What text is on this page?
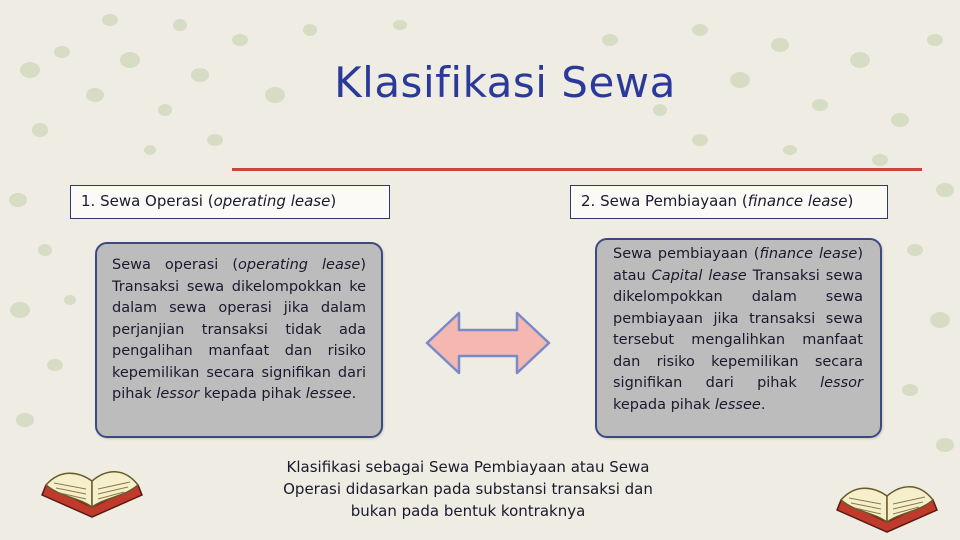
Klasifikasi Sewa
1. Sewa Operasi (operating lease)	2. Sewa Pembiayaan (finance lease)
Sewa operasi (operating lease) Transaksi sewa dikelompokkan ke dalam sewa operasi jika dalam perjanjian transaksi tidak ada pengalihan manfaat dan risiko kepemilikan secara signifikan dari pihak lessor kepada pihak lessee.
Sewa pembiayaan (finance lease) atau Capital lease Transaksi sewa dikelompokkan dalam sewa pembiayaan jika transaksi sewa tersebut mengalihkan manfaat dan risiko kepemilikan secara signifikan dari pihak lessor kepada pihak lessee.
Klasifikasi sebagai Sewa Pembiayaan atau Sewa Operasi didasarkan pada substansi transaksi dan bukan pada bentuk kontraknya
